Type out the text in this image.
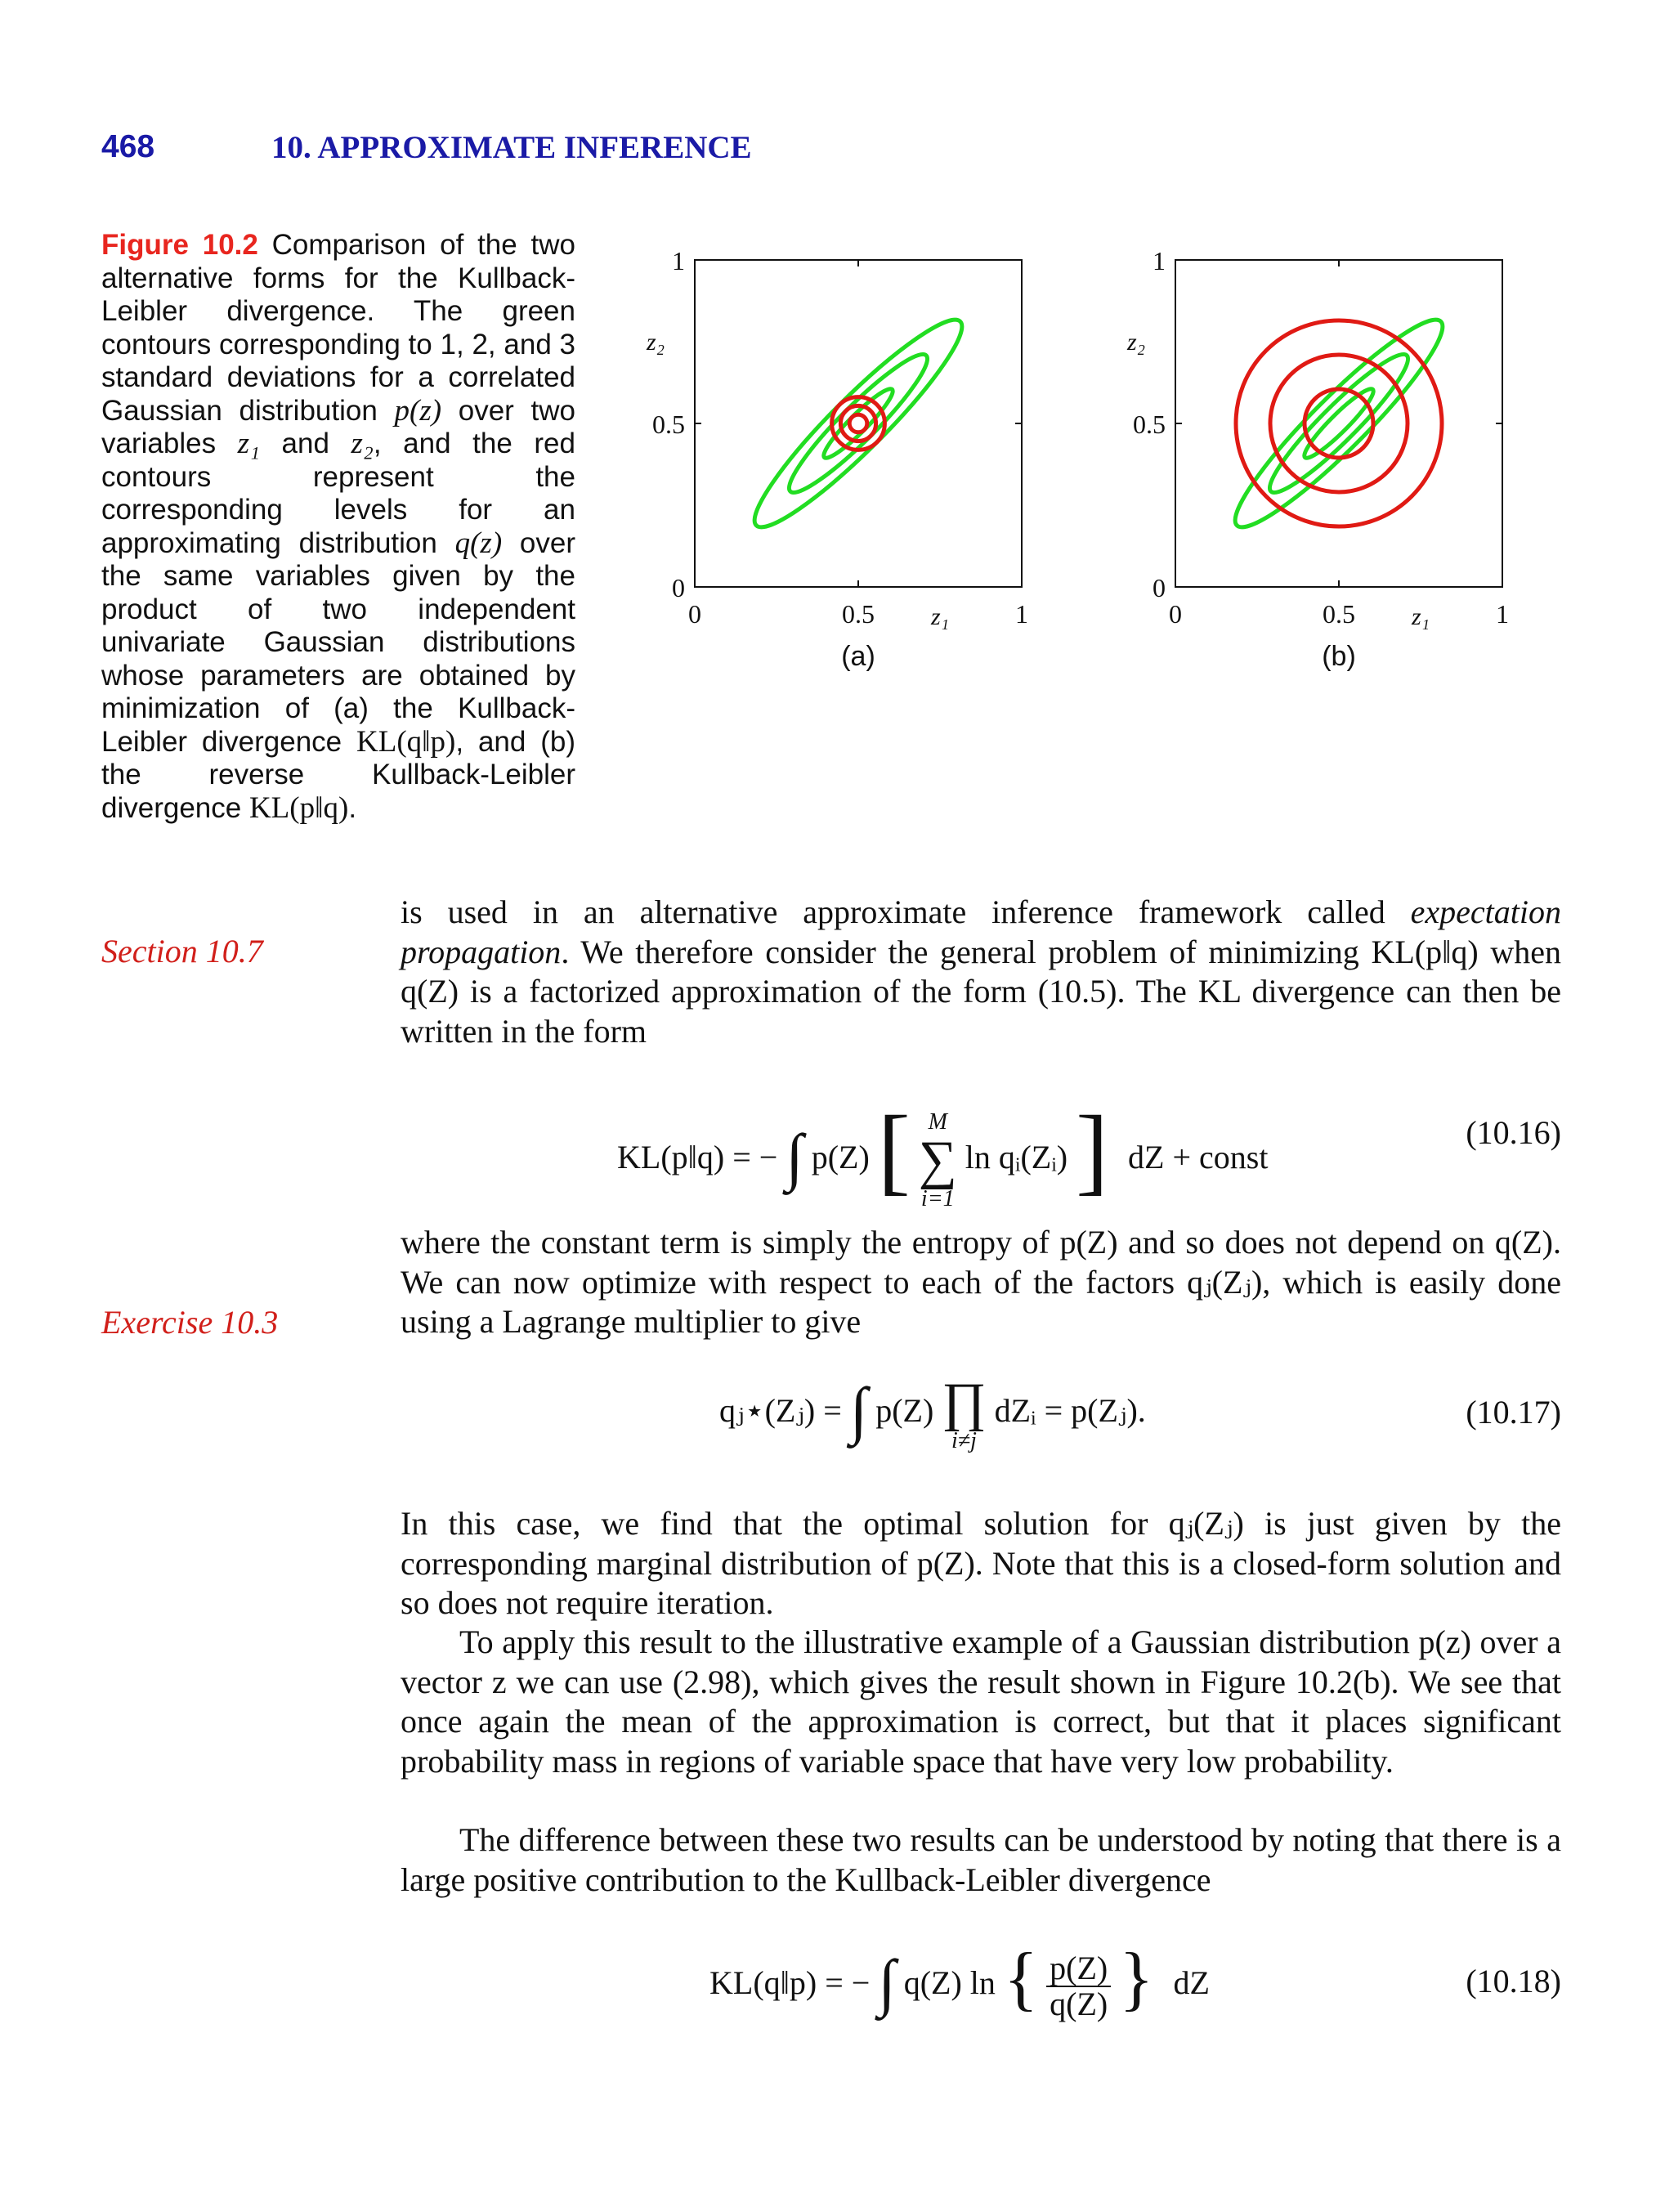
468	10. APPROXIMATE INFERENCE
Figure 10.2 Comparison of the two alternative forms for the Kullback-Leibler divergence. The green contours corresponding to 1, 2, and 3 standard deviations for a correlated Gaussian distribution p(z) over two variables z₁ and z₂, and the red contours represent the corresponding levels for an approximating distribution q(z) over the same variables given by the product of two independent univariate Gaussian distributions whose parameters are obtained by minimization of (a) the Kullback-Leibler divergence KL(q‖p), and (b) the reverse Kullback-Leibler divergence KL(p‖q).
0	0.5	1
0
0.5
1
z₁
z₂
(a)
0	0.5	1
0
0.5
1
z₁
z₂
(b)
Section 10.7
Exercise 10.3
is used in an alternative approximate inference framework called expectation propagation. We therefore consider the general problem of minimizing KL(p‖q) when q(Z) is a factorized approximation of the form (10.5). The KL divergence can then be written in the form
KL(p‖q) = − ∫ p(Z) [ M
∑
i=1
ln qᵢ(Zᵢ) ] dZ + const
(10.16)
where the constant term is simply the entropy of p(Z) and so does not depend on q(Z). We can now optimize with respect to each of the factors qⱼ(Zⱼ), which is easily done using a Lagrange multiplier to give
qⱼ⋆(Zⱼ) = ∫ p(Z) ∏
i≠j
dZᵢ = p(Zⱼ).	(10.17)
In this case, we find that the optimal solution for qⱼ(Zⱼ) is just given by the corresponding marginal distribution of p(Z). Note that this is a closed-form solution and so does not require iteration.
To apply this result to the illustrative example of a Gaussian distribution p(z) over a vector z we can use (2.98), which gives the result shown in Figure 10.2(b). We see that once again the mean of the approximation is correct, but that it places significant probability mass in regions of variable space that have very low probability.
The difference between these two results can be understood by noting that there is a large positive contribution to the Kullback-Leibler divergence
KL(q‖p) = − ∫ q(Z) ln { $\frac{p(Z)}{q(Z)}$ } dZ	(10.18)
